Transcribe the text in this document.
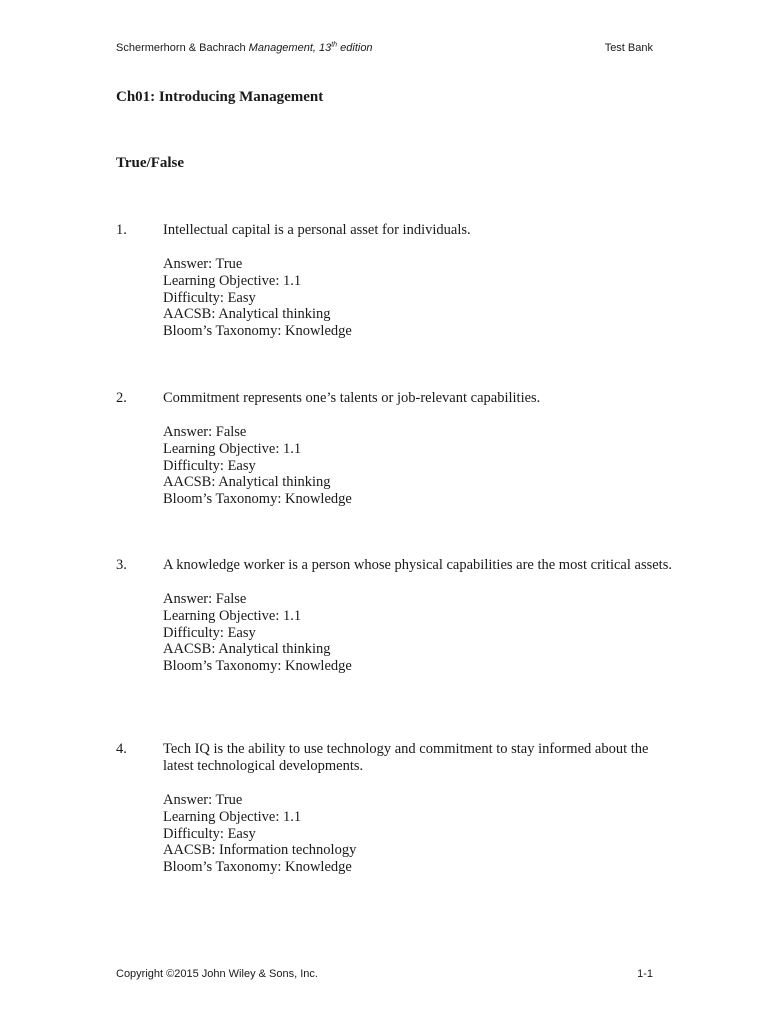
Schermerhorn & Bachrach Management, 13th edition	Test Bank
Ch01: Introducing Management
True/False
1.	Intellectual capital is a personal asset for individuals.
Answer: True
Learning Objective: 1.1
Difficulty: Easy
AACSB: Analytical thinking
Bloom’s Taxonomy: Knowledge
2.	Commitment represents one’s talents or job-relevant capabilities.
Answer: False
Learning Objective: 1.1
Difficulty: Easy
AACSB: Analytical thinking
Bloom’s Taxonomy: Knowledge
3.	A knowledge worker is a person whose physical capabilities are the most critical assets.
Answer: False
Learning Objective: 1.1
Difficulty: Easy
AACSB: Analytical thinking
Bloom’s Taxonomy: Knowledge
4.	Tech IQ is the ability to use technology and commitment to stay informed about the latest technological developments.
Answer: True
Learning Objective: 1.1
Difficulty: Easy
AACSB: Information technology
Bloom’s Taxonomy: Knowledge
Copyright ©2015 John Wiley & Sons, Inc.	1-1
